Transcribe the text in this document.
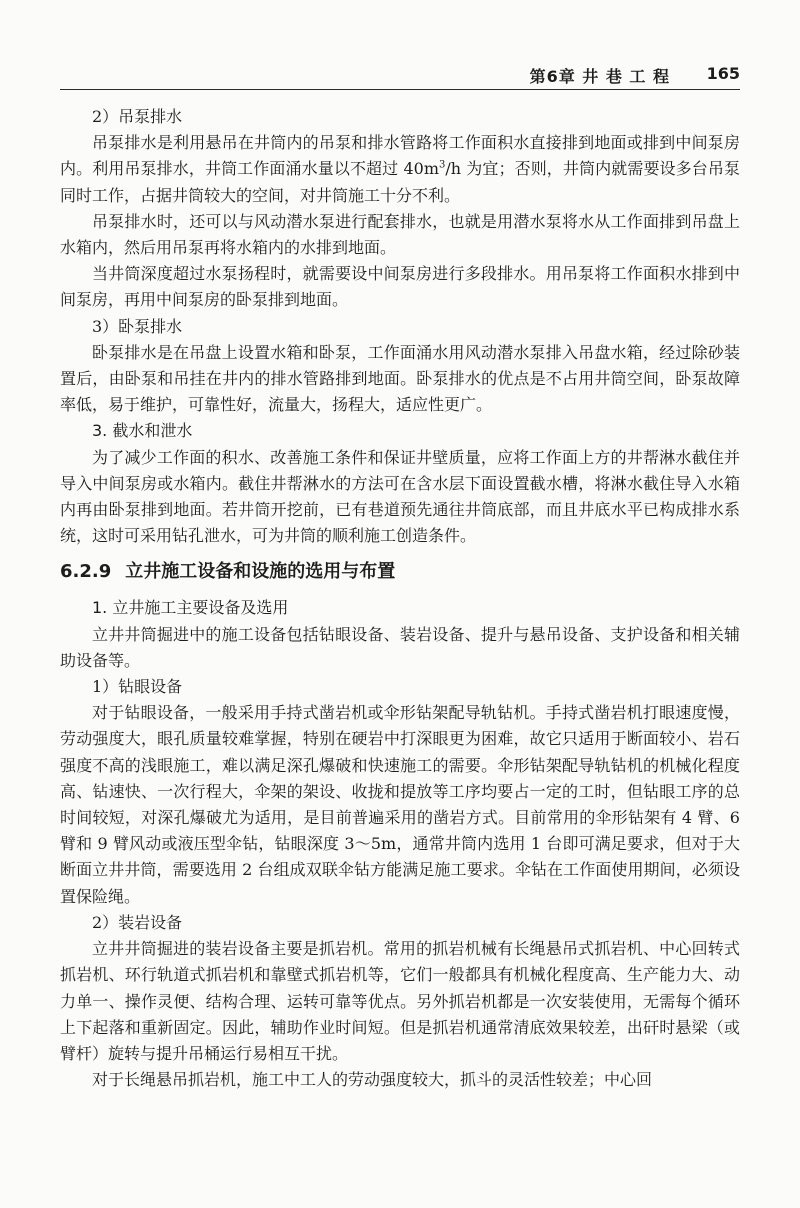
第6章 井 巷 工 程 165

2）吊泵排水

吊泵排水是利用悬吊在井筒内的吊泵和排水管路将工作面积水直接排到地面或排到中间泵房内。利用吊泵排水，井筒工作面涌水量以不超过 $40m^3/h$ 为宜；否则，井筒内就需要设多台吊泵同时工作，占据井筒较大的空间，对井筒施工十分不利。

吊泵排水时，还可以与风动潜水泵进行配套排水，也就是用潜水泵将水从工作面排到吊盘上水箱内，然后用吊泵再将水箱内的水排到地面。

当井筒深度超过水泵扬程时，就需要设中间泵房进行多段排水。用吊泵将工作面积水排到中间泵房，再用中间泵房的卧泵排到地面。

3）卧泵排水

卧泵排水是在吊盘上设置水箱和卧泵，工作面涌水用风动潜水泵排入吊盘水箱，经过除砂装置后，由卧泵和吊挂在井内的排水管路排到地面。卧泵排水的优点是不占用井筒空间，卧泵故障率低，易于维护，可靠性好，流量大，扬程大，适应性更广。

3. 截水和泄水

为了减少工作面的积水、改善施工条件和保证井壁质量，应将工作面上方的井帮淋水截住并导入中间泵房或水箱内。截住井帮淋水的方法可在含水层下面设置截水槽，将淋水截住导入水箱内再由卧泵排到地面。若井筒开挖前，已有巷道预先通往井筒底部，而且井底水平已构成排水系统，这时可采用钻孔泄水，可为井筒的顺利施工创造条件。

6.2.9 立井施工设备和设施的选用与布置

1. 立井施工主要设备及选用

立井井筒掘进中的施工设备包括钻眼设备、装岩设备、提升与悬吊设备、支护设备和相关辅助设备等。

1）钻眼设备

对于钻眼设备，一般采用手持式凿岩机或伞形钻架配导轨钻机。手持式凿岩机打眼速度慢，劳动强度大，眼孔质量较难掌握，特别在硬岩中打深眼更为困难，故它只适用于断面较小、岩石强度不高的浅眼施工，难以满足深孔爆破和快速施工的需要。伞形钻架配导轨钻机的机械化程度高、钻速快、一次行程大，伞架的架设、收拢和提放等工序均要占一定的工时，但钻眼工序的总时间较短，对深孔爆破尤为适用，是目前普遍采用的凿岩方式。目前常用的伞形钻架有 4 臂、6 臂和 9 臂风动或液压型伞钻，钻眼深度 3～5m，通常井筒内选用 1 台即可满足要求，但对于大断面立井井筒，需要选用 2 台组成双联伞钻方能满足施工要求。伞钻在工作面使用期间，必须设置保险绳。

2）装岩设备

立井井筒掘进的装岩设备主要是抓岩机。常用的抓岩机械有长绳悬吊式抓岩机、中心回转式抓岩机、环行轨道式抓岩机和靠壁式抓岩机等，它们一般都具有机械化程度高、生产能力大、动力单一、操作灵便、结构合理、运转可靠等优点。另外抓岩机都是一次安装使用，无需每个循环上下起落和重新固定。因此，辅助作业时间短。但是抓岩机通常清底效果较差，出矸时悬梁（或臂杆）旋转与提升吊桶运行易相互干扰。

对于长绳悬吊抓岩机，施工中工人的劳动强度较大，抓斗的灵活性较差；中心回
